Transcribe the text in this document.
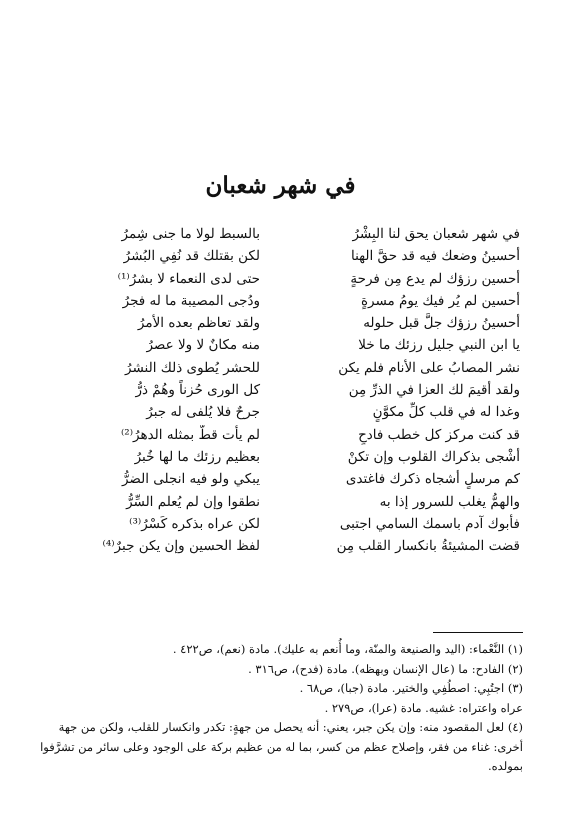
في شهر شعبان
في شهر شعبان يحق لنا البِشْرُ
بالسبط لولا ما جنى شِمرُ
أحسينُ وضعك فيه قد حقَّ الهنا
لكن بقتلك قد نُفِي البُشرُ
أحسين رزؤك لم يدع مِن فرحةٍ
حتى لدى النعماء لا بشرُ⁽¹⁾
أحسين لم يُر فيك يومُ مسرةٍ
ودُجى المصيبة ما له فجرُ
أحسينُ رزؤك جلَّ قبل حلوله
ولقد تعاظم بعده الأمرُ
يا ابن النبي جليل رزئك ما خلا
منه مكانٌ لا ولا عصرُ
نشر المصابُ على الأنام فلم يكن
للحشر يُطوى ذلك النشرُ
ولقد أقيمَ لك العزا في الذرِّ مِن
كل الورى حُزناً وهُمْ ذرُّ
وغدا له في قلب كلِّ مكوَّنٍ
جرحٌ فلا يُلفى له جبرُ
قد كنت مركز كل خطب فادحٍ
لم يأت قطُّ بمثله الدهرُ⁽²⁾
أشْجى بذكراك القلوب وإن تكنْ
بعظيم رزئك ما لها خُبرُ
كم مرسلٍ أشجاه ذكرك فاغتدى
يبكي ولو فيه انجلى الضرُّ
والهمُّ يغلب للسرور إذا به
نطقوا وإن لم يُعلم السِّرُّ
فأبوك آدم باسمك السامي اجتبى
لكن عراه بذكره كَسْرُ⁽³⁾
قضت المشيئةُ بانكسار القلب مِن
لفظ الحسين وإن يكن جبرٌ⁽⁴⁾
(١) النَّعْماء: (اليد والصنيعة والمنّة، وما أُنعم به عليك). مادة (نعم)، ص٤٢٢ .
(٢) الفادح: ما (عال الإنسان وبهظه). مادة (فدح)، ص٣١٦ .
(٣) اجتُبِي: اصطُفِي والختير. مادة (جبا)، ص٦٨ .
عراه واعتراه: غشيه. مادة (عرا)، ص٢٧٩ .
(٤) لعل المقصود منه: وإن يكن جبر، يعني: أنه يحصل من جهةٍ: تكدر وانكسار للقلب، ولكن من جهة أخرى: غناء من فقر، وإصلاح عظم من كسر، بما له من عظيم بركة على الوجود وعلى سائر من تشرَّفوا بمولده.
